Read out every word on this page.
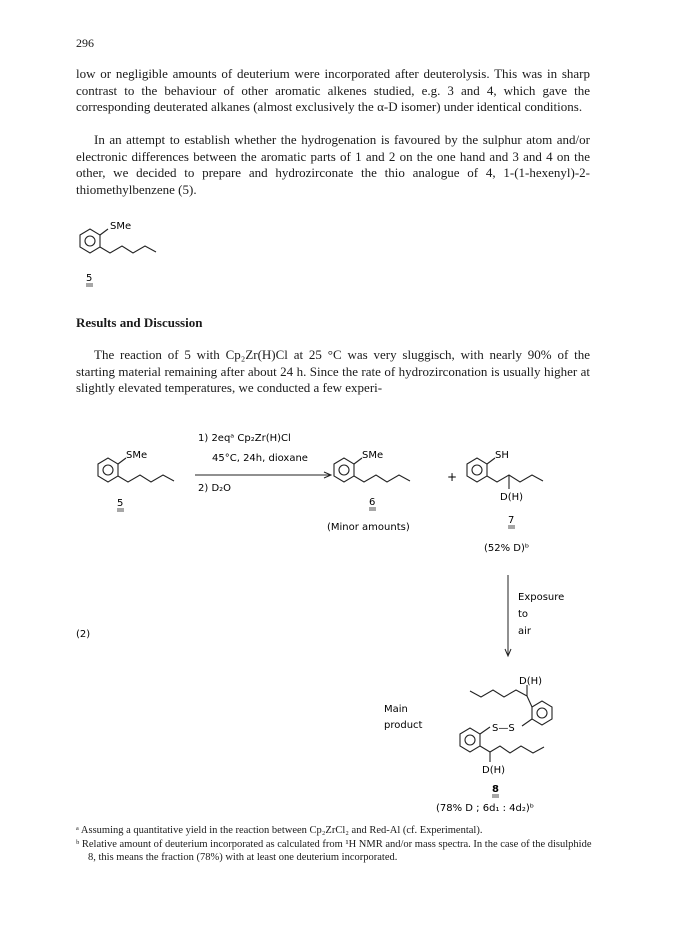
296

low or negligible amounts of deuterium were incorporated after deuterolysis. This was in sharp contrast to the behaviour of other aromatic alkenes studied, e.g. 3 and 4, which gave the corresponding deuterated alkanes (almost exclusively the α-D isomer) under identical conditions.

In an attempt to establish whether the hydrogenation is favoured by the sulphur atom and/or electronic differences between the aromatic parts of 1 and 2 on the one hand and 3 and 4 on the other, we decided to prepare and hydrozirconate the thio analogue of 4, 1-(1-hexenyl)-2-thiomethylbenzene (5).

SMe
5
SMe
5
1) 2eqᵃ Cp₂Zr(H)Cl
45°C, 24h, dioxane
2) D₂O
SMe
6
(Minor amounts)
+
SH
D(H)
7
(52% D)ᵇ
(2)
Exposure
to
air
D(H)
S—S
D(H)
Main
product
8
(78% D ; 6d₁ : 4d₂)ᵇ
Results and Discussion

The reaction of 5 with Cp₂Zr(H)Cl at 25 °C was very sluggisch, with nearly 90% of the starting material remaining after about 24 h. Since the rate of hydrozirconation is usually higher at slightly elevated temperatures, we conducted a few experi-

ᵃ Assuming a quantitative yield in the reaction between Cp₂ZrCl₂ and Red-Al (cf. Experimental).

ᵇ Relative amount of deuterium incorporated as calculated from ¹H NMR and/or mass spectra. In the case of the disulphide 8, this means the fraction (78%) with at least one deuterium incorporated.
